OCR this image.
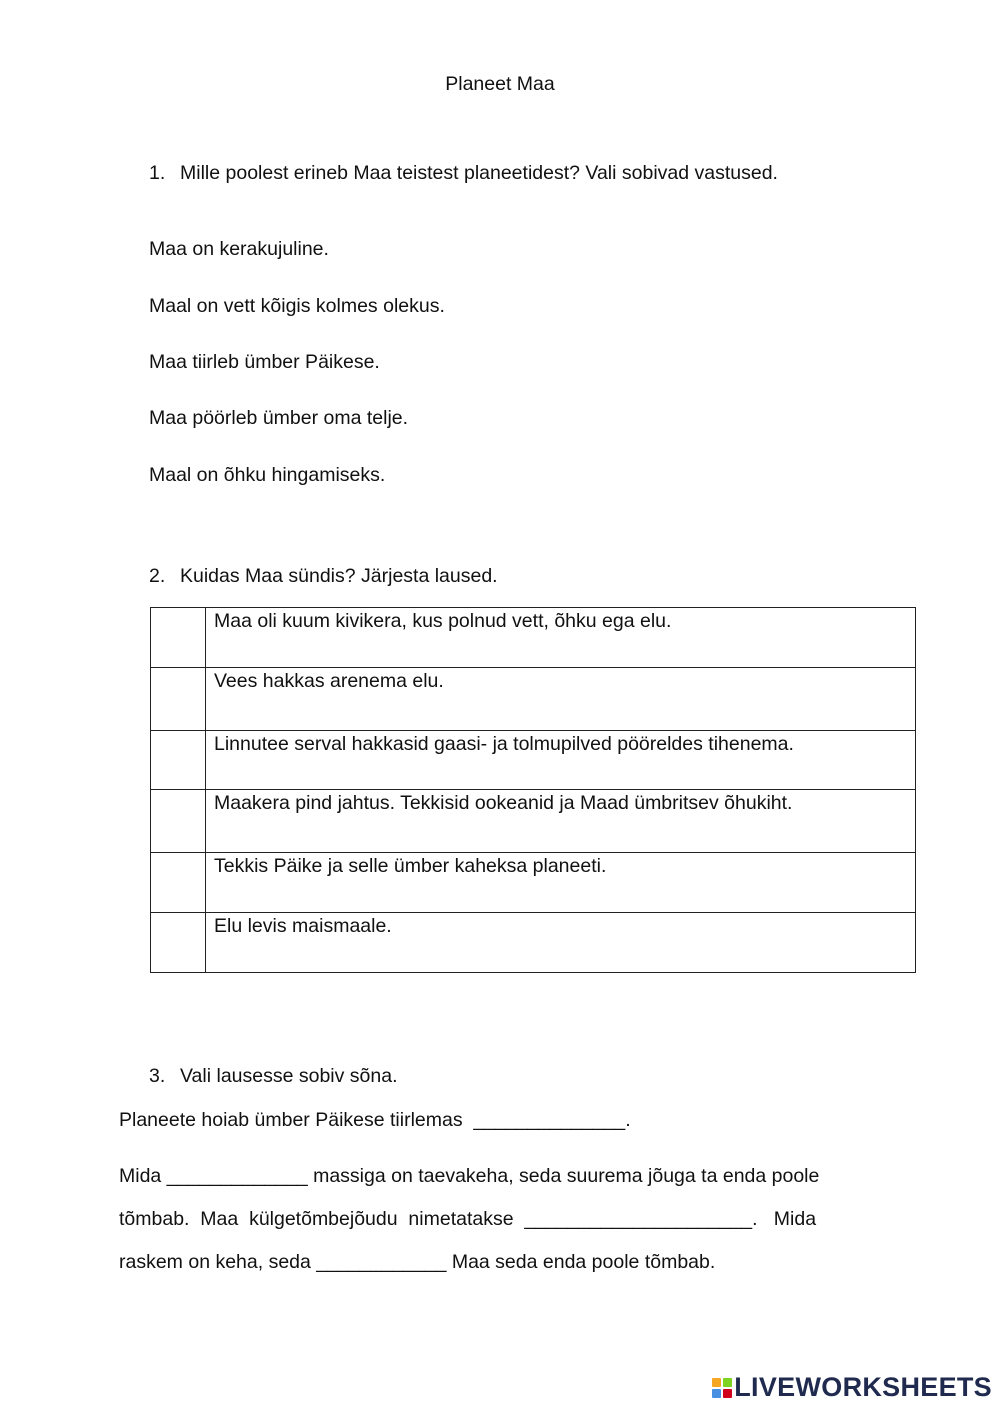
Planeet Maa
1. Mille poolest erineb Maa teistest planeetidest? Vali sobivad vastused.
Maa on kerakujuline.
Maal on vett kõigis kolmes olekus.
Maa tiirleb ümber Päikese.
Maa pöörleb ümber oma telje.
Maal on õhku hingamiseks.
2. Kuidas Maa sündis? Järjesta laused.
	Maa oli kuum kivikera, kus polnud vett, õhku ega elu.
	Vees hakkas arenema elu.
	Linnutee serval hakkasid gaasi- ja tolmupilved pööreldes tihenema.
	Maakera pind jahtus. Tekkisid ookeanid ja Maad ümbritsev õhukiht.
	Tekkis Päike ja selle ümber kaheksa planeeti.
	Elu levis maismaale.
3. Vali lausesse sobiv sõna.
Planeete hoiab ümber Päikese tiirlemas  ______________.
Mida _____________ massiga on taevakeha, seda suurema jõuga ta enda poole
tõmbab.  Maa  külgetõmbejõudu  nimetatakse  _____________________.   Mida
raskem on keha, seda ____________ Maa seda enda poole tõmbab.
LIVEWORKSHEETS
